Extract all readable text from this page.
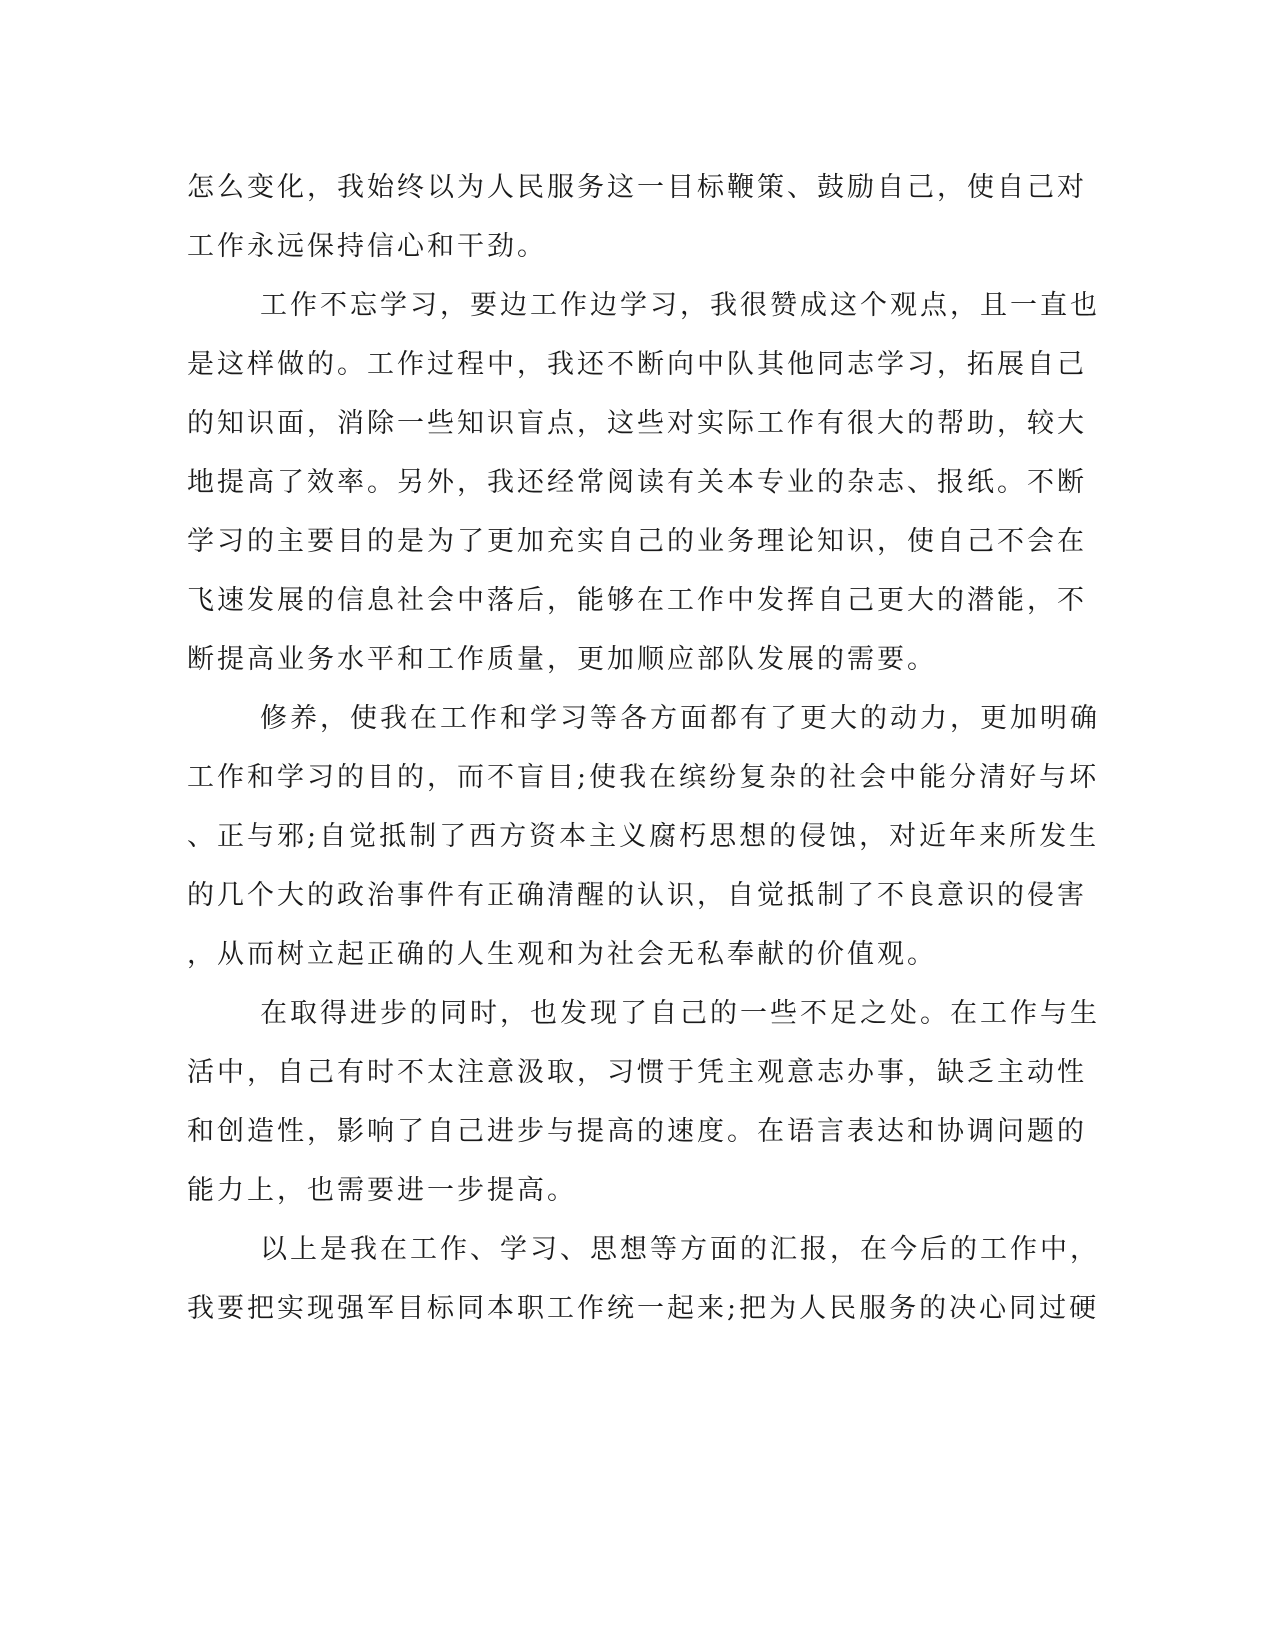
怎么变化，我始终以为人民服务这一目标鞭策、鼓励自己，使自己对
工作永远保持信心和干劲。
工作不忘学习，要边工作边学习，我很赞成这个观点，且一直也
是这样做的。工作过程中，我还不断向中队其他同志学习，拓展自己
的知识面，消除一些知识盲点，这些对实际工作有很大的帮助，较大
地提高了效率。另外，我还经常阅读有关本专业的杂志、报纸。不断
学习的主要目的是为了更加充实自己的业务理论知识，使自己不会在
飞速发展的信息社会中落后，能够在工作中发挥自己更大的潜能，不
断提高业务水平和工作质量，更加顺应部队发展的需要。
修养，使我在工作和学习等各方面都有了更大的动力，更加明确
工作和学习的目的，而不盲目;使我在缤纷复杂的社会中能分清好与坏
、正与邪;自觉抵制了西方资本主义腐朽思想的侵蚀，对近年来所发生
的几个大的政治事件有正确清醒的认识，自觉抵制了不良意识的侵害
，从而树立起正确的人生观和为社会无私奉献的价值观。
在取得进步的同时，也发现了自己的一些不足之处。在工作与生
活中，自己有时不太注意汲取，习惯于凭主观意志办事，缺乏主动性
和创造性，影响了自己进步与提高的速度。在语言表达和协调问题的
能力上，也需要进一步提高。
以上是我在工作、学习、思想等方面的汇报，在今后的工作中，
我要把实现强军目标同本职工作统一起来;把为人民服务的决心同过硬
